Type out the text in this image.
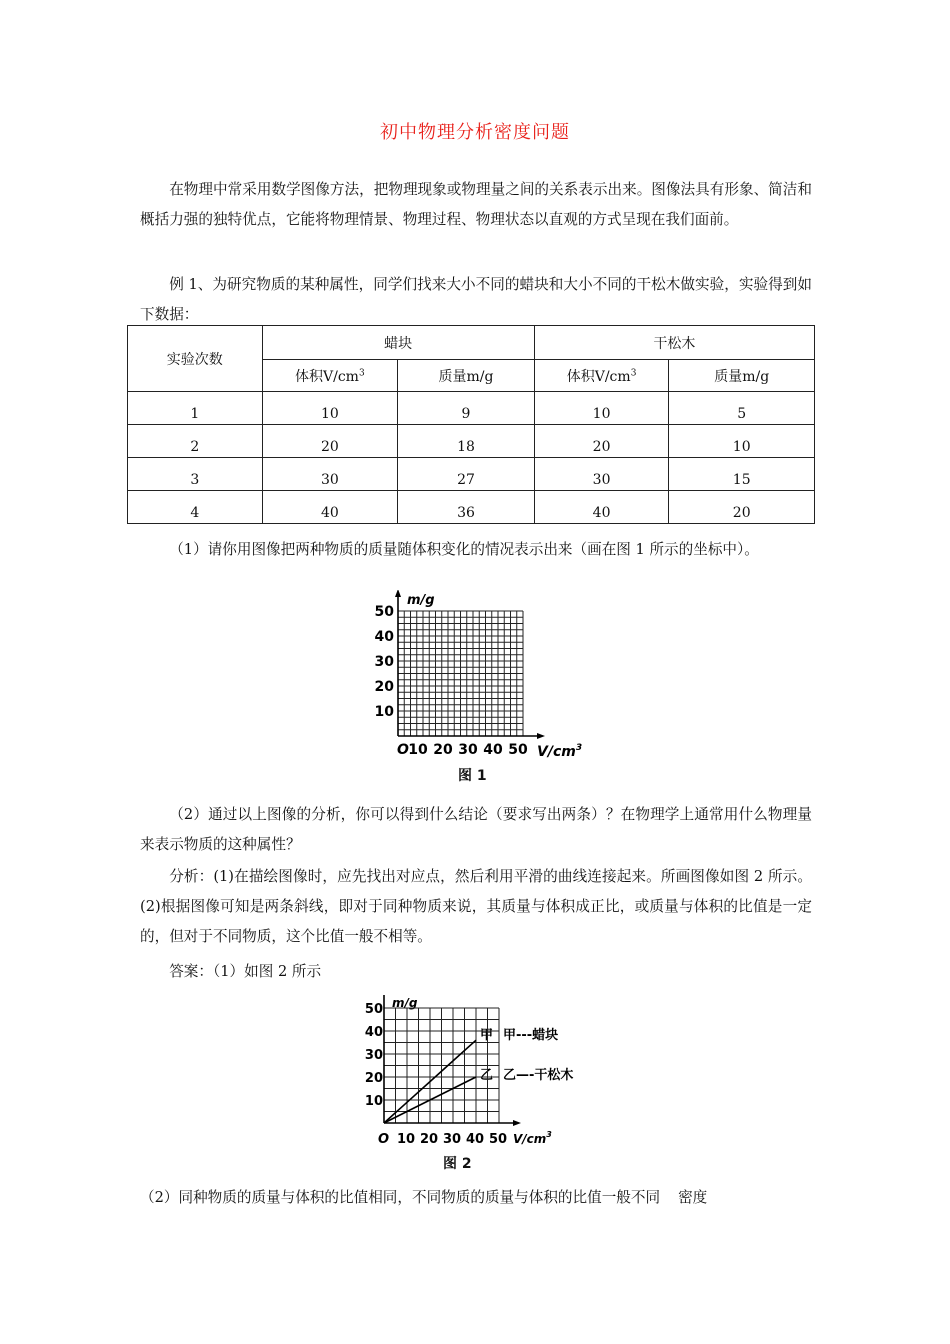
初中物理分析密度问题

在物理中常采用数学图像方法，把物理现象或物理量之间的关系表示出来。图像法具有形象、简洁和概括力强的独特优点，它能将物理情景、物理过程、物理状态以直观的方式呈现在我们面前。

例 1、为研究物质的某种属性，同学们找来大小不同的蜡块和大小不同的干松木做实验，实验得到如下数据：

实验次数	蜡块		干松木	
	体积$V/cm^3$	质量m/g	体积$V/cm^3$	质量m/g
1	10	9	10	5
2	20	18	20	10
3	30	27	30	15
4	40	36	40	20

（1）请你用图像把两种物质的质量随体积变化的情况表示出来（画在图 1 所示的坐标中）。

m/g
O 10 20 30 40 50
10
20
30
40
50
$V/cm^3$
图 1

（2）通过以上图像的分析，你可以得到什么结论（要求写出两条）？在物理学上通常用什么物理量来表示物质的这种属性？

分析：(1)在描绘图像时，应先找出对应点，然后利用平滑的曲线连接起来。所画图像如图 2 所示。(2)根据图像可知是两条斜线，即对于同种物质来说，其质量与体积成正比，或质量与体积的比值是一定的，但对于不同物质，这个比值一般不相等。

答案：（1）如图 2 所示

m/g
O 10 20 30 40 50
10
20
30
40
50
$V/cm^3$
甲
乙
甲---蜡块
乙—-干松木
图 2
（2）同种物质的质量与体积的比值相同，不同物质的质量与体积的比值一般不同 密度
